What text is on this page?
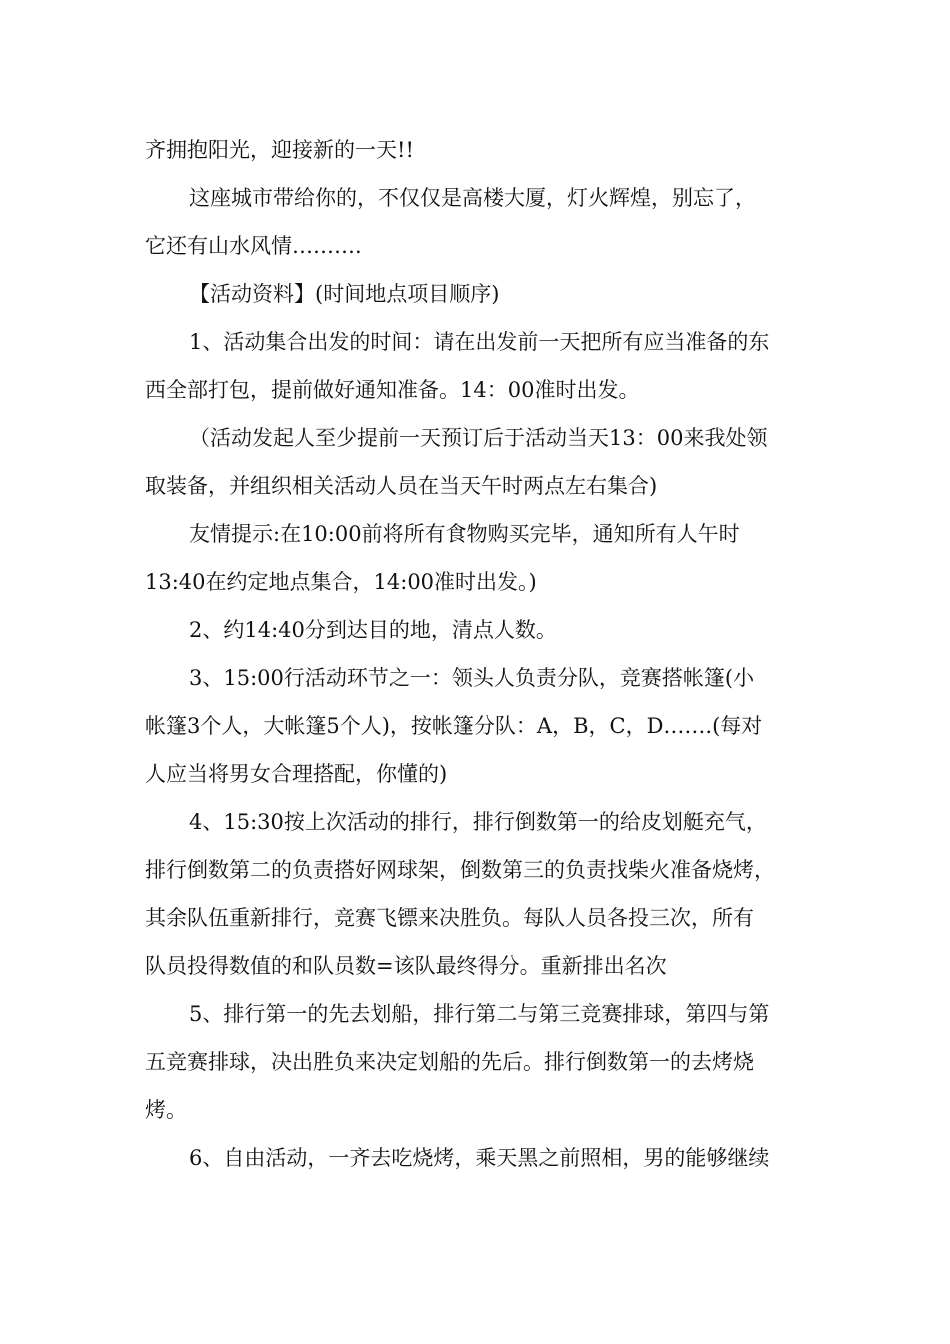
齐拥抱阳光，迎接新的一天!!
这座城市带给你的，不仅仅是高楼大厦，灯火辉煌，别忘了，
它还有山水风情……….
【活动资料】(时间地点项目顺序)
1、活动集合出发的时间：请在出发前一天把所有应当准备的东
西全部打包，提前做好通知准备。14：00准时出发。
（活动发起人至少提前一天预订后于活动当天13：00来我处领
取装备，并组织相关活动人员在当天午时两点左右集合)
友情提示:在10:00前将所有食物购买完毕，通知所有人午时
13:40在约定地点集合，14:00准时出发。)
2、约14:40分到达目的地，清点人数。
3、15:00行活动环节之一：领头人负责分队，竞赛搭帐篷(小
帐篷3个人，大帐篷5个人)，按帐篷分队：A，B，C，D…….(每对
人应当将男女合理搭配，你懂的)
4、15:30按上次活动的排行，排行倒数第一的给皮划艇充气，
排行倒数第二的负责搭好网球架，倒数第三的负责找柴火准备烧烤，
其余队伍重新排行，竞赛飞镖来决胜负。每队人员各投三次，所有
队员投得数值的和队员数=该队最终得分。重新排出名次
5、排行第一的先去划船，排行第二与第三竞赛排球，第四与第
五竞赛排球，决出胜负来决定划船的先后。排行倒数第一的去烤烧
烤。
6、自由活动，一齐去吃烧烤，乘天黑之前照相，男的能够继续
